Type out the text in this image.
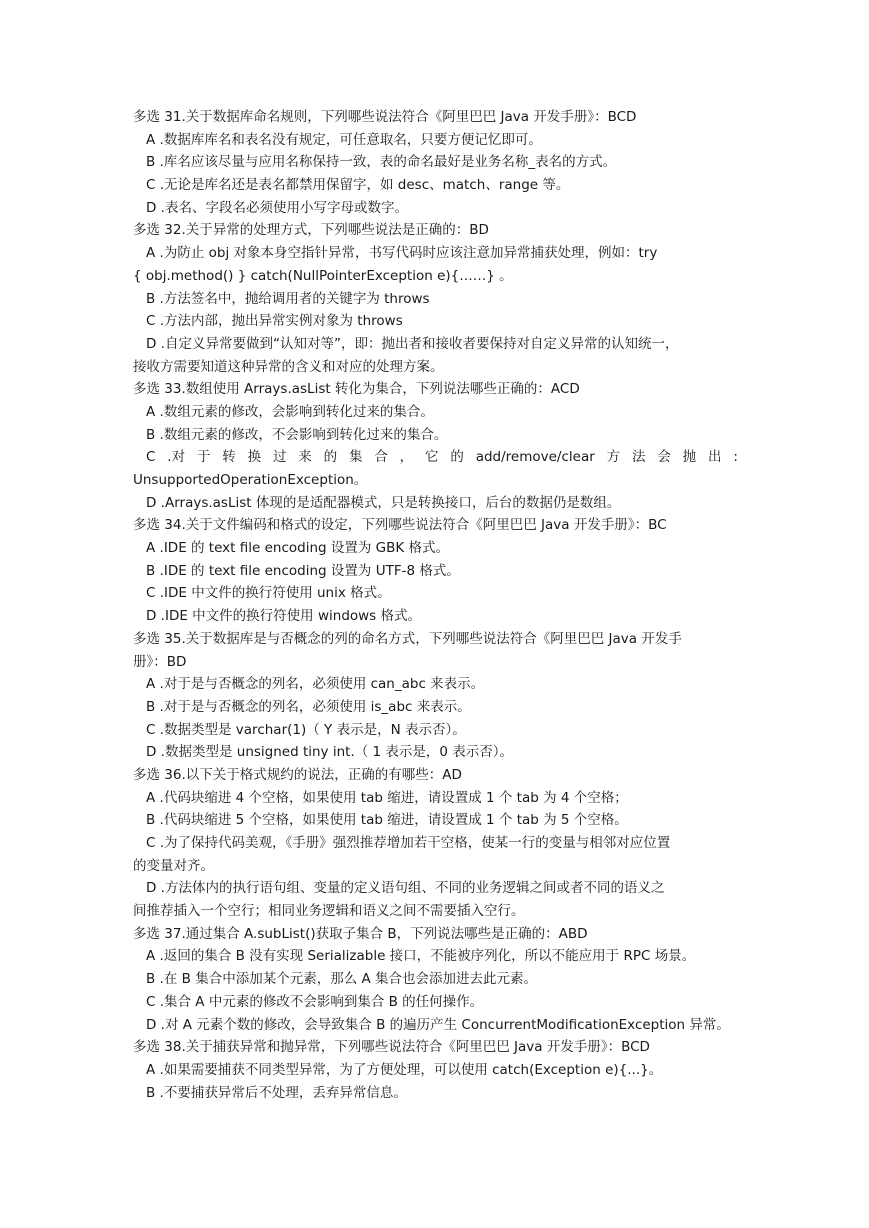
多选 31.关于数据库命名规则，下列哪些说法符合《阿里巴巴 Java 开发手册》：BCD
A .数据库库名和表名没有规定，可任意取名，只要方便记忆即可。
B .库名应该尽量与应用名称保持一致，表的命名最好是业务名称_表名的方式。
C .无论是库名还是表名都禁用保留字，如 desc、match、range 等。
D .表名、字段名必须使用小写字母或数字。
多选 32.关于异常的处理方式，下列哪些说法是正确的：BD
A .为防止 obj 对象本身空指针异常，书写代码时应该注意加异常捕获处理，例如：try
{ obj.method() } catch(NullPointerException e){……} 。
B .方法签名中，抛给调用者的关键字为 throws
C .方法内部，抛出异常实例对象为 throws
D .自定义异常要做到“认知对等”，即：抛出者和接收者要保持对自定义异常的认知统一，
接收方需要知道这种异常的含义和对应的处理方案。
多选 33.数组使用 Arrays.asList 转化为集合，下列说法哪些正确的：ACD
A .数组元素的修改，会影响到转化过来的集合。
B .数组元素的修改，不会影响到转化过来的集合。
C .对 于 转 换 过 来 的 集 合 ， 它 的 add/remove/clear 方 法 会 抛 出 :
UnsupportedOperationException。
D .Arrays.asList 体现的是适配器模式，只是转换接口，后台的数据仍是数组。
多选 34.关于文件编码和格式的设定，下列哪些说法符合《阿里巴巴 Java 开发手册》：BC
A .IDE 的 text file encoding 设置为 GBK 格式。
B .IDE 的 text file encoding 设置为 UTF-8 格式。
C .IDE 中文件的换行符使用 unix 格式。
D .IDE 中文件的换行符使用 windows 格式。
多选 35.关于数据库是与否概念的列的命名方式，下列哪些说法符合《阿里巴巴 Java 开发手
册》：BD
A .对于是与否概念的列名，必须使用 can_abc 来表示。
B .对于是与否概念的列名，必须使用 is_abc 来表示。
C .数据类型是 varchar(1)（ Y 表示是，N 表示否）。
D .数据类型是 unsigned tiny int.（ 1 表示是，0 表示否）。
多选 36.以下关于格式规约的说法，正确的有哪些：AD
A .代码块缩进 4 个空格，如果使用 tab 缩进，请设置成 1 个 tab 为 4 个空格；
B .代码块缩进 5 个空格，如果使用 tab 缩进，请设置成 1 个 tab 为 5 个空格。
C .为了保持代码美观，《手册》强烈推荐增加若干空格，使某一行的变量与相邻对应位置
的变量对齐。
D .方法体内的执行语句组、变量的定义语句组、不同的业务逻辑之间或者不同的语义之
间推荐插入一个空行；相同业务逻辑和语义之间不需要插入空行。
多选 37.通过集合 A.subList()获取子集合 B，下列说法哪些是正确的：ABD
A .返回的集合 B 没有实现 Serializable 接口，不能被序列化，所以不能应用于 RPC 场景。
B .在 B 集合中添加某个元素，那么 A 集合也会添加进去此元素。
C .集合 A 中元素的修改不会影响到集合 B 的任何操作。
D .对 A 元素个数的修改，会导致集合 B 的遍历产生 ConcurrentModificationException 异常。
多选 38.关于捕获异常和抛异常，下列哪些说法符合《阿里巴巴 Java 开发手册》：BCD
A .如果需要捕获不同类型异常，为了方便处理，可以使用 catch(Exception e){...}。
B .不要捕获异常后不处理，丢弃异常信息。
